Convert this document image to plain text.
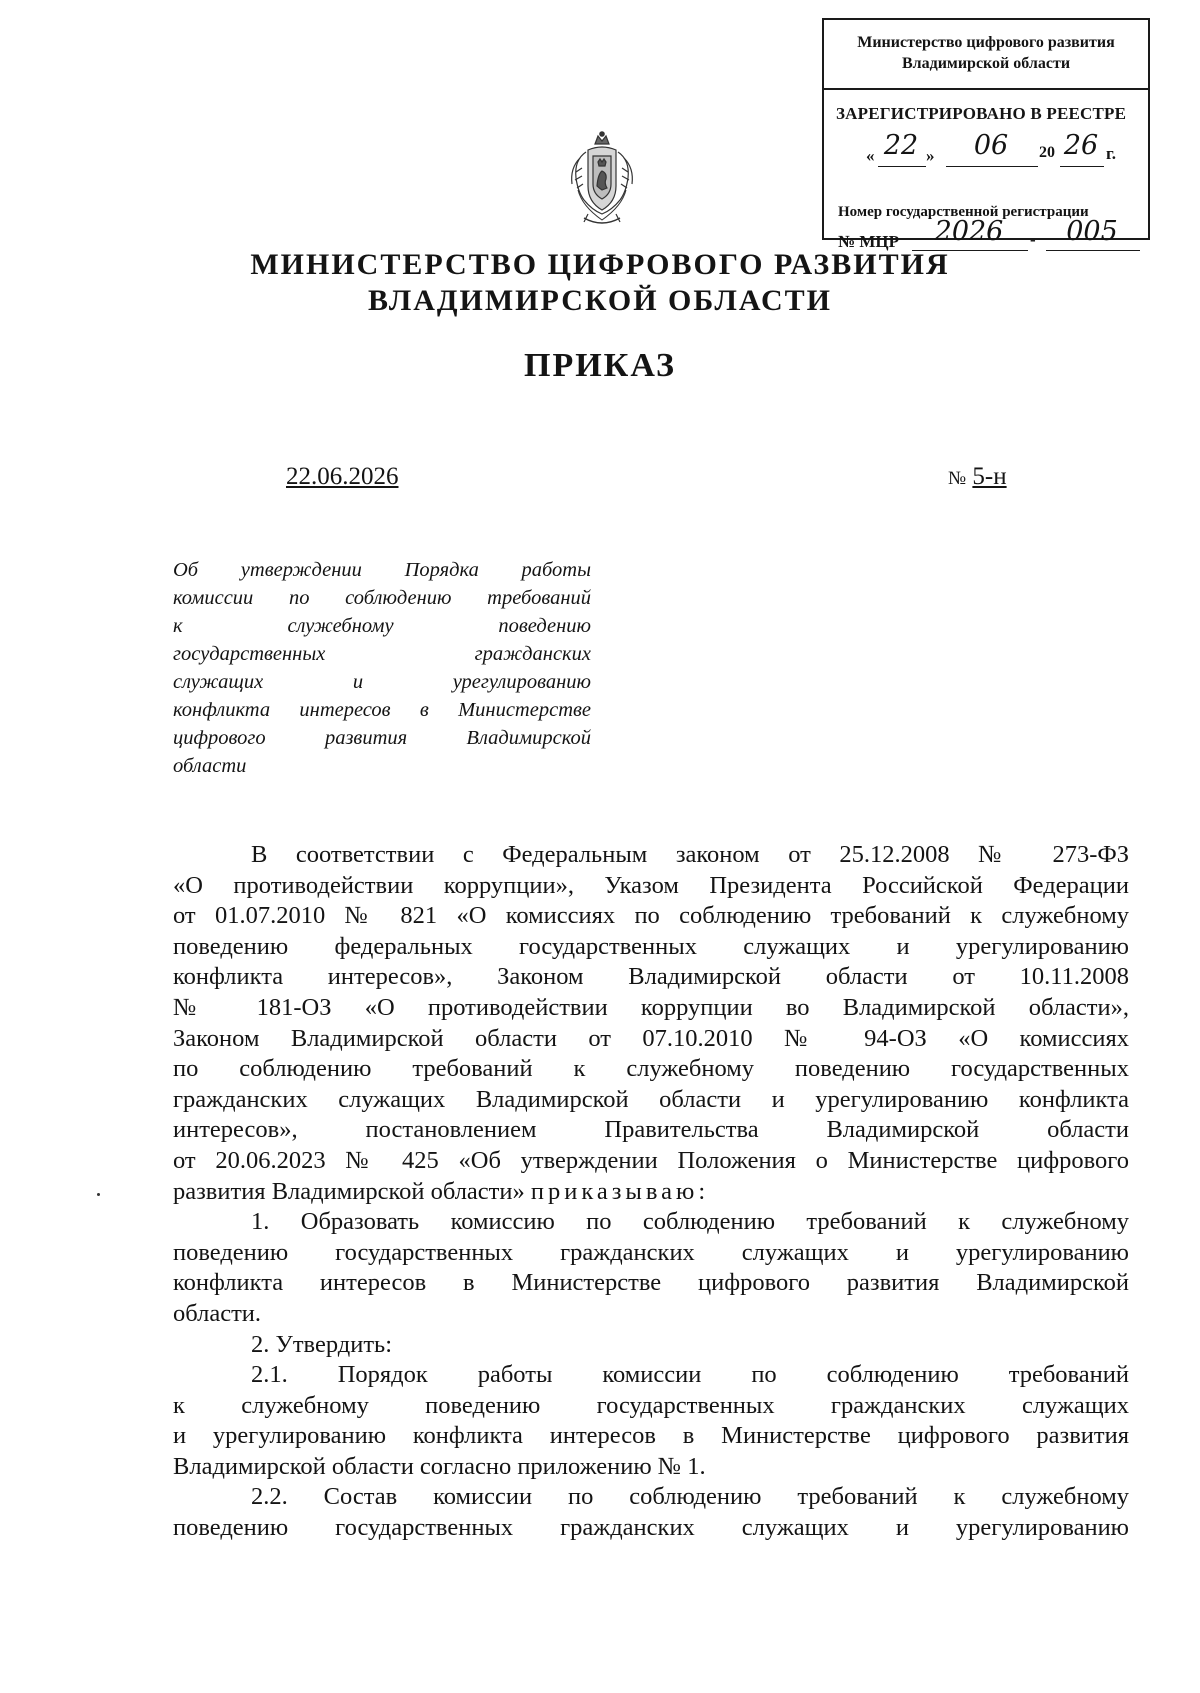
Министерство цифрового развития
Владимирской области
ЗАРЕГИСТРИРОВАНО В РЕЕСТРЕ
« 22 »	06	20 26 г.
Номер государственной регистрации
№ МЦР	2026	-	005
МИНИСТЕРСТВО ЦИФРОВОГО РАЗВИТИЯ
ВЛАДИМИРСКОЙ ОБЛАСТИ
ПРИКАЗ
22.06.2026	№ 5-н
Об утверждении Порядка работы
комиссии по соблюдению требований
к служебному поведению
государственных гражданских
служащих и урегулированию
конфликта интересов в Министерстве
цифрового развития Владимирской
области
В соответствии с Федеральным законом от 25.12.2008 № 273-ФЗ
«О противодействии коррупции», Указом Президента Российской Федерации
от 01.07.2010 № 821 «О комиссиях по соблюдению требований к служебному
поведению федеральных государственных служащих и урегулированию
конфликта интересов», Законом Владимирской области от 10.11.2008
№ 181-ОЗ «О противодействии коррупции во Владимирской области»,
Законом Владимирской области от 07.10.2010 № 94-ОЗ «О комиссиях
по соблюдению требований к служебному поведению государственных
гражданских служащих Владимирской области и урегулированию конфликта
интересов», постановлением Правительства Владимирской области
от 20.06.2023 № 425 «Об утверждении Положения о Министерстве цифрового
развития Владимирской области» приказываю:
1. Образовать комиссию по соблюдению требований к служебному
поведению государственных гражданских служащих и урегулированию
конфликта интересов в Министерстве цифрового развития Владимирской
области.
2. Утвердить:
2.1. Порядок работы комиссии по соблюдению требований
к служебному поведению государственных гражданских служащих
и урегулированию конфликта интересов в Министерстве цифрового развития
Владимирской области согласно приложению № 1.
2.2. Состав комиссии по соблюдению требований к служебному
поведению государственных гражданских служащих и урегулированию
